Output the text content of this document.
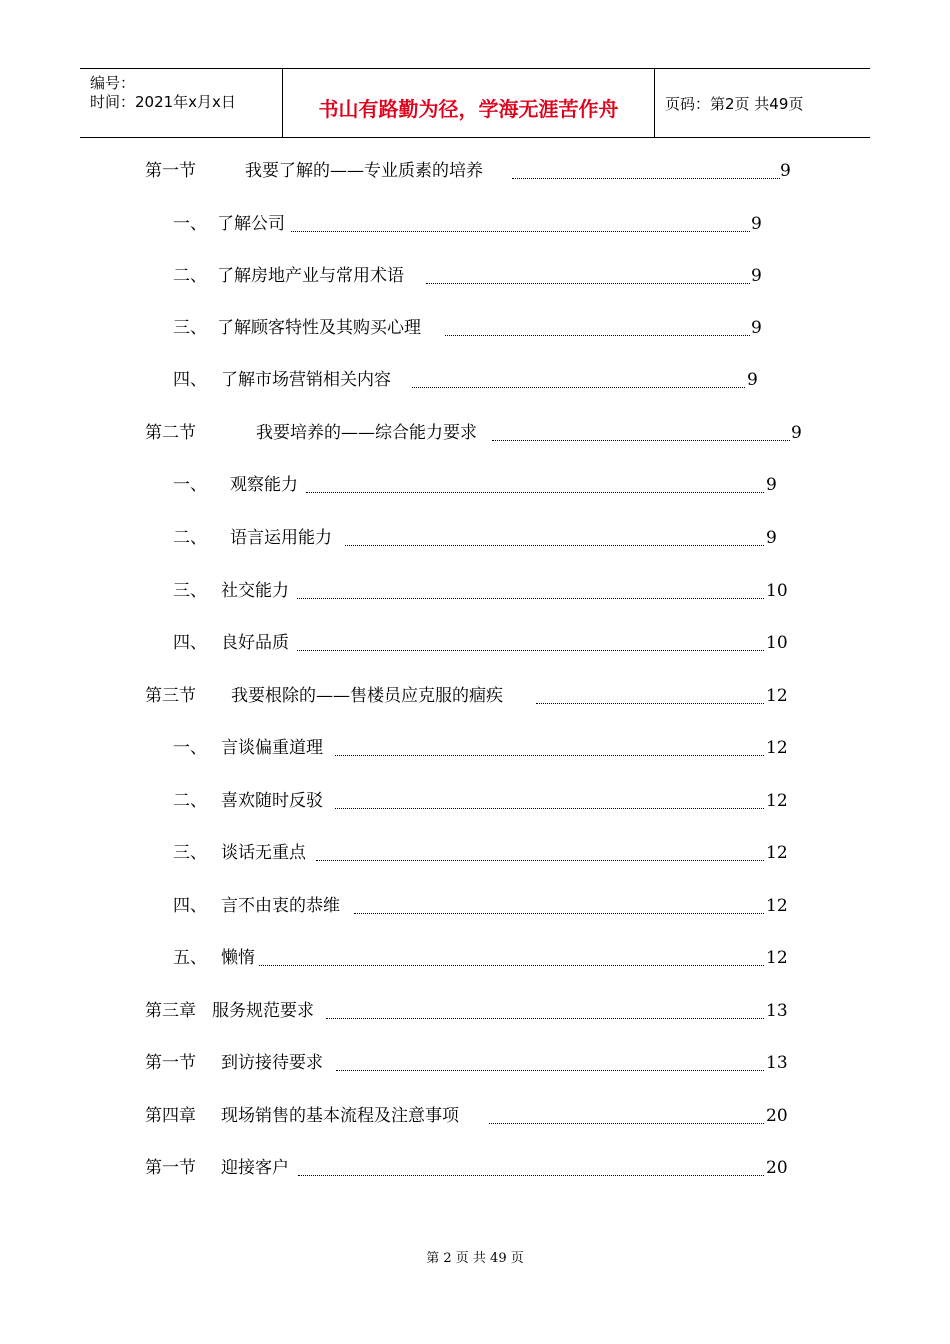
编号：
时间：2021年x月x日	书山有路勤为径，学海无涯苦作舟	页码：第2页 共49页
第一节	我要了解的——专业质素的培养	9
一、 了解公司	9
二、 了解房地产业与常用术语	9
三、 了解顾客特性及其购买心理	9
四、 了解市场营销相关内容	9
第二节	我要培养的——综合能力要求	9
一、 观察能力	9
二、 语言运用能力	9
三、 社交能力	10
四、 良好品质	10
第三节 我要根除的——售楼员应克服的痼疾	12
一、 言谈偏重道理	12
二、 喜欢随时反驳	12
三、 谈话无重点	12
四、 言不由衷的恭维	12
五、 懒惰	12
第三章 服务规范要求	13
第一节 到访接待要求	13
第四章 现场销售的基本流程及注意事项	20
第一节 迎接客户	20
第 2 页 共 49 页
